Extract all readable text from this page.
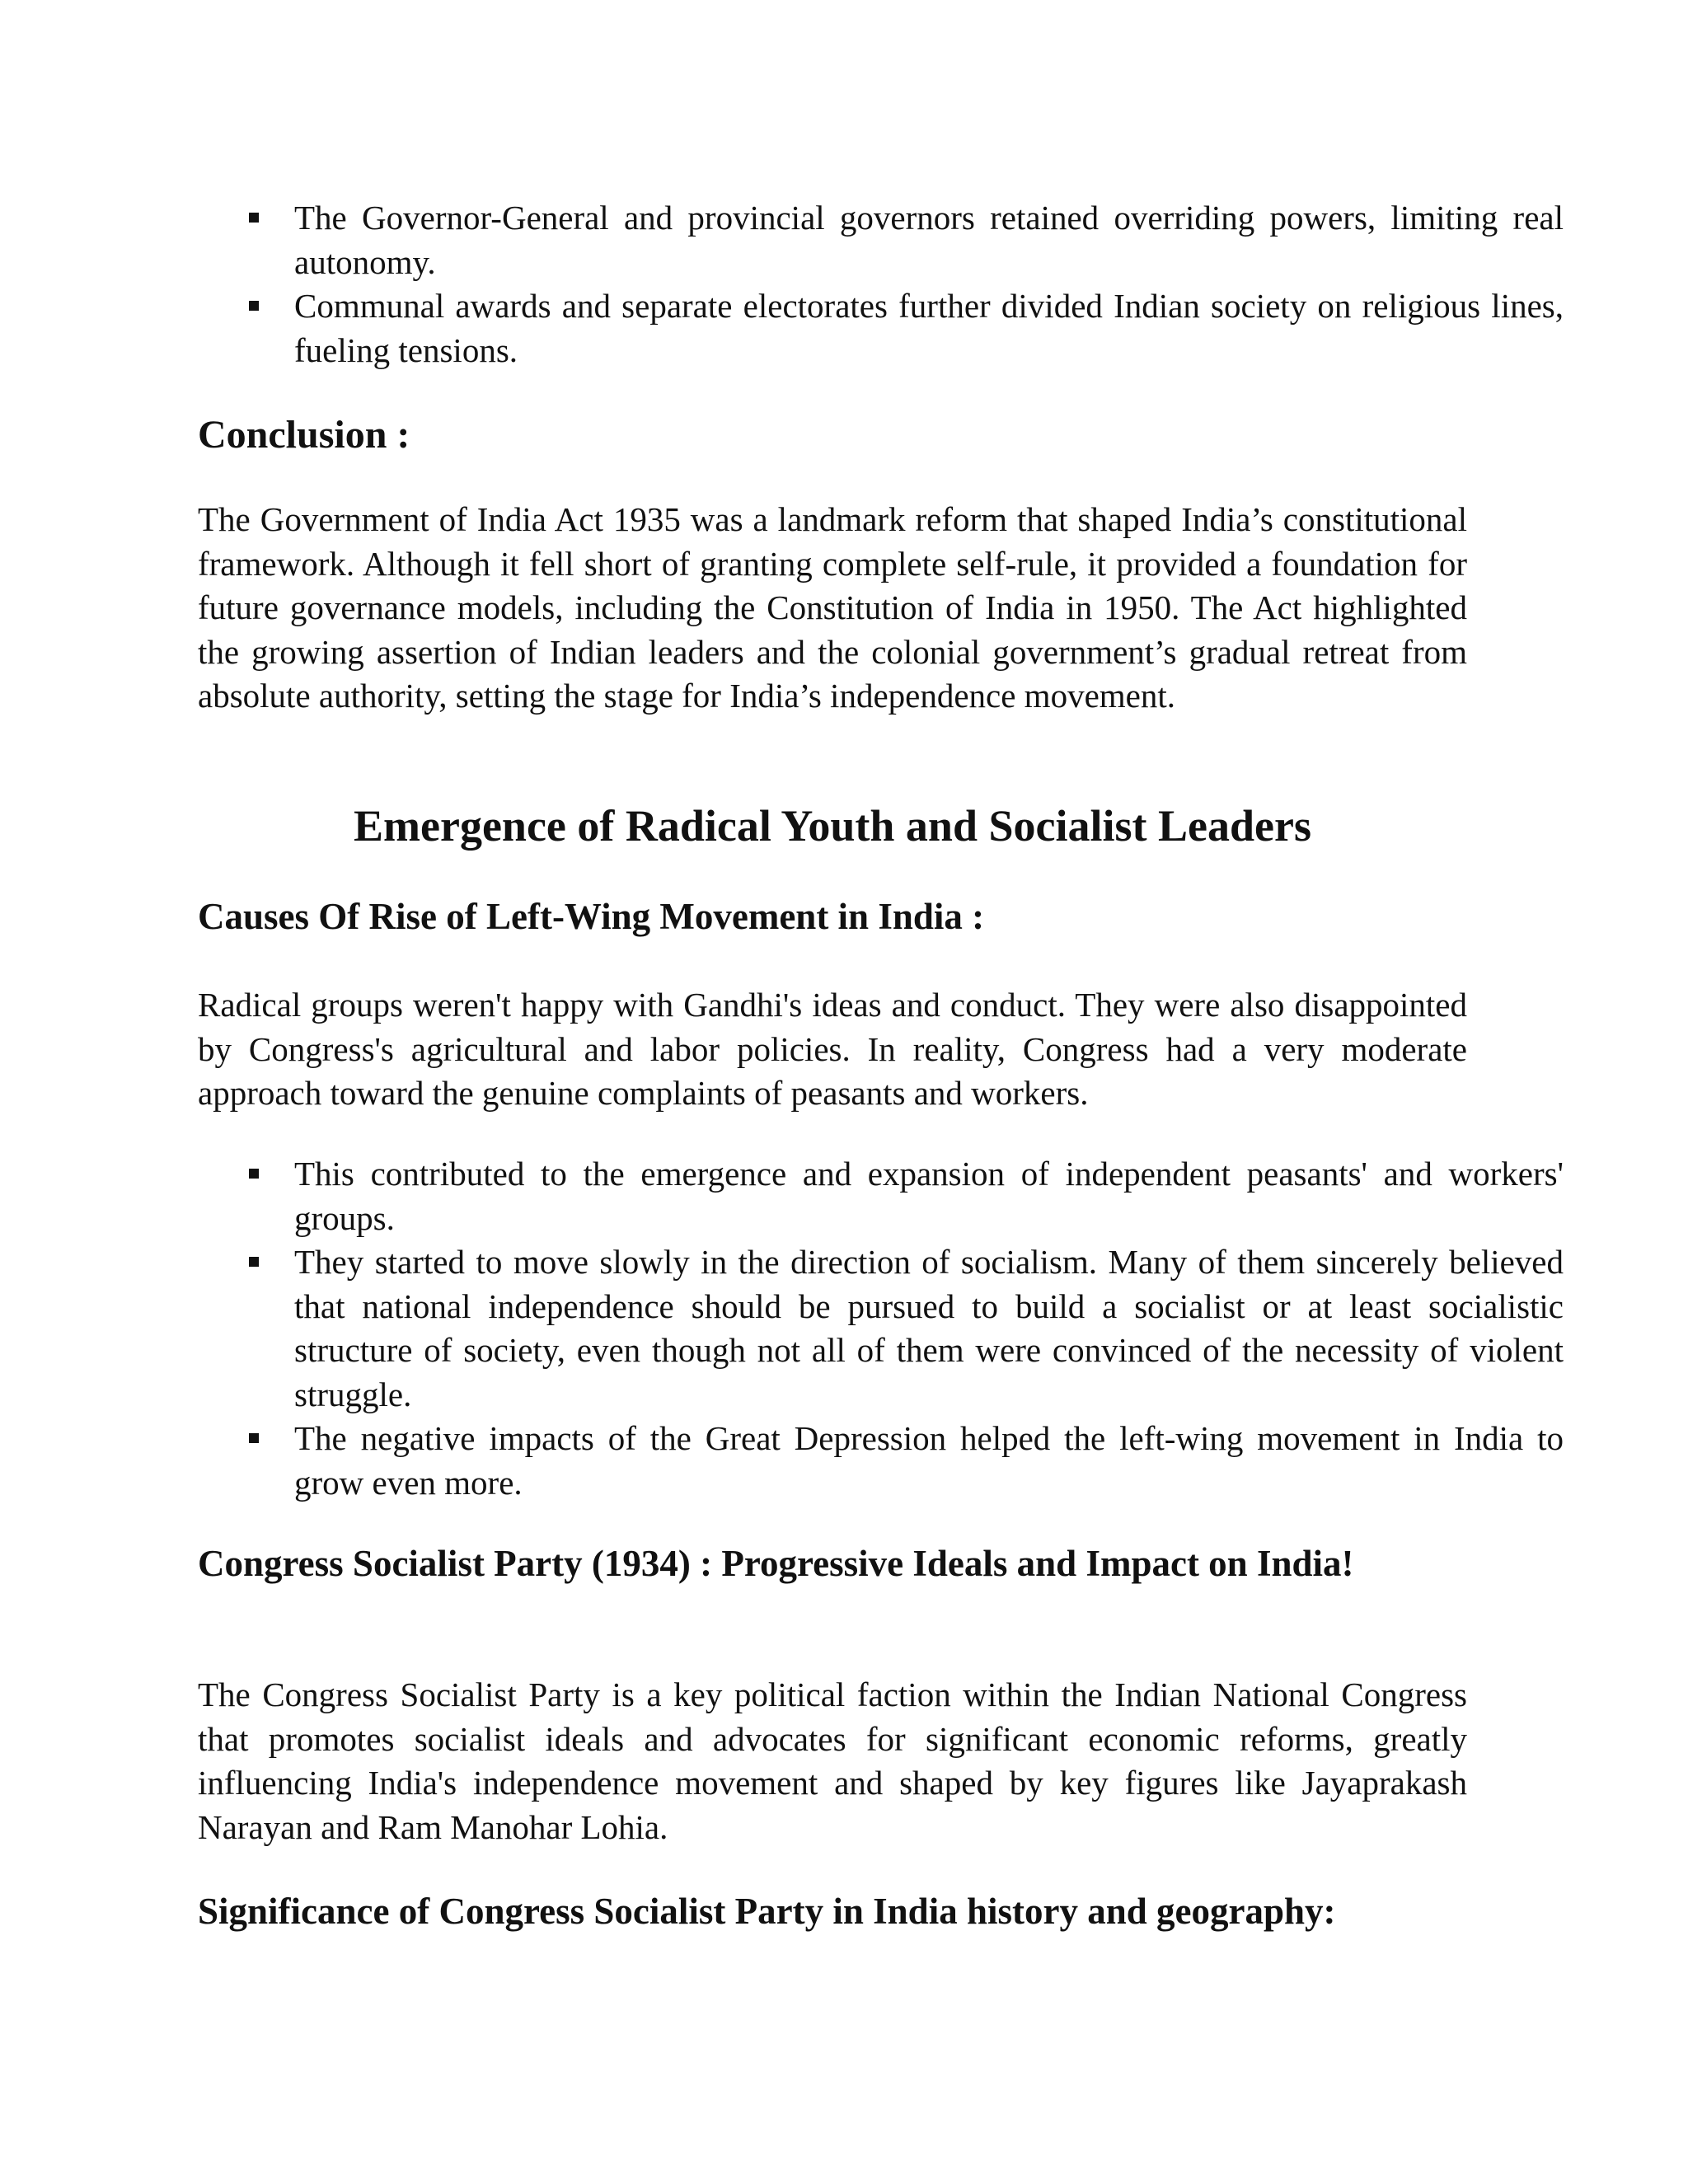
The Governor-General and provincial governors retained overriding powers, limiting real autonomy.
Communal awards and separate electorates further divided Indian society on religious lines, fueling tensions.
Conclusion :

The Government of India Act 1935 was a landmark reform that shaped India’s constitutional framework. Although it fell short of granting complete self-rule, it provided a foundation for future governance models, including the Constitution of India in 1950. The Act highlighted the growing assertion of Indian leaders and the colonial government’s gradual retreat from absolute authority, setting the stage for India’s independence movement.

Emergence of Radical Youth and Socialist Leaders
Causes Of Rise of Left-Wing Movement in India :

Radical groups weren't happy with Gandhi's ideas and conduct. They were also disappointed by Congress's agricultural and labor policies. In reality, Congress had a very moderate approach toward the genuine complaints of peasants and workers.

This contributed to the emergence and expansion of independent peasants' and workers' groups.
They started to move slowly in the direction of socialism. Many of them sincerely believed that national independence should be pursued to build a socialist or at least socialistic structure of society, even though not all of them were convinced of the necessity of violent struggle.
The negative impacts of the Great Depression helped the left-wing movement in India to grow even more.
Congress Socialist Party (1934) : Progressive Ideals and Impact on India!

The Congress Socialist Party is a key political faction within the Indian National Congress that promotes socialist ideals and advocates for significant economic reforms, greatly influencing India's independence movement and shaped by key figures like Jayaprakash Narayan and Ram Manohar Lohia.

Significance of Congress Socialist Party in India history and geography:
